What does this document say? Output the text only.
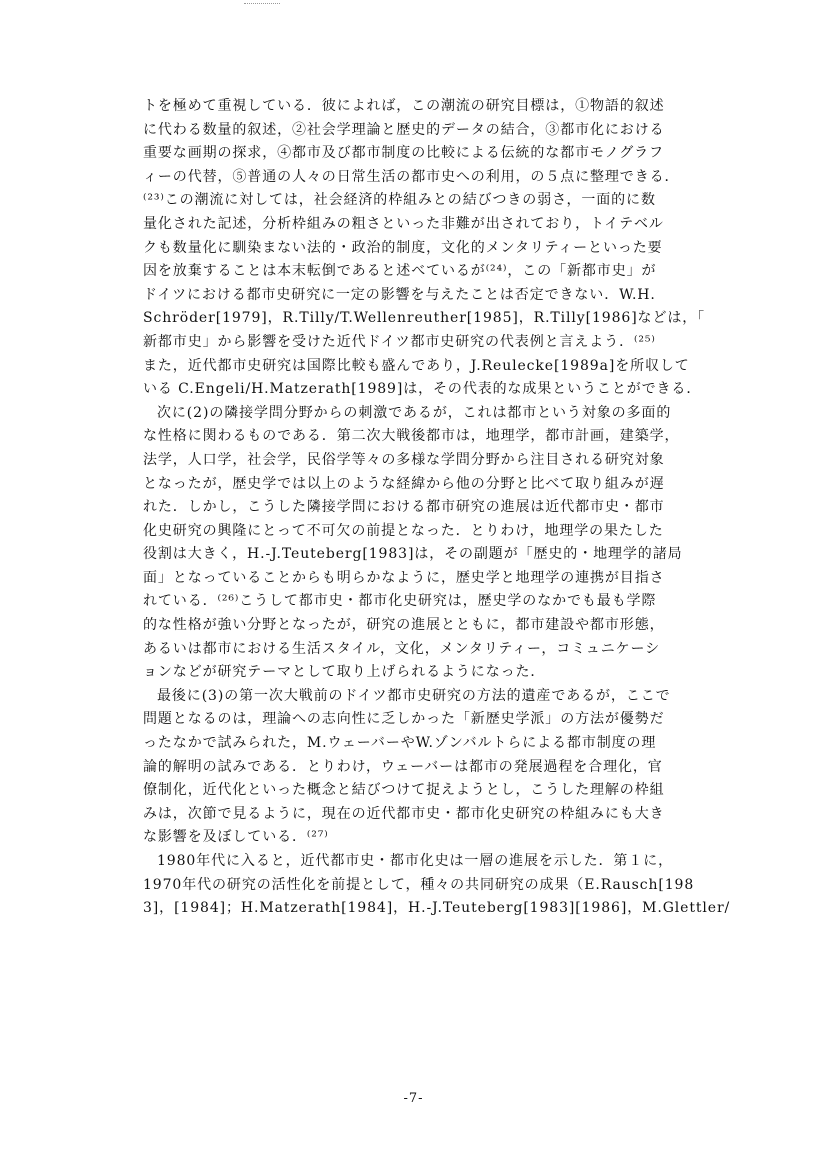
トを極めて重視している．彼によれば，この潮流の研究目標は，①物語的叙述
に代わる数量的叙述，②社会学理論と歴史的データの結合，③都市化における
重要な画期の探求，④都市及び都市制度の比較による伝統的な都市モノグラフ
ィーの代替，⑤普通の人々の日常生活の都市史への利用，の５点に整理できる．
⁽²³⁾この潮流に対しては，社会経済的枠組みとの結びつきの弱さ，一面的に数
量化された記述，分析枠組みの粗さといった非難が出されており，トイテベル
クも数量化に馴染まない法的・政治的制度，文化的メンタリティーといった要
因を放棄することは本末転倒であると述べているが⁽²⁴⁾，この「新都市史」が
ドイツにおける都市史研究に一定の影響を与えたことは否定できない．W.H.
Schröder[1979]，R.Tilly/T.Wellenreuther[1985]，R.Tilly[1986]などは，「
新都市史」から影響を受けた近代ドイツ都市史研究の代表例と言えよう．⁽²⁵⁾
また，近代都市史研究は国際比較も盛んであり，J.Reulecke[1989a]を所収して
いる C.Engeli/H.Matzerath[1989]は，その代表的な成果ということができる．
次に(2)の隣接学問分野からの刺激であるが，これは都市という対象の多面的
な性格に関わるものである．第二次大戦後都市は，地理学，都市計画，建築学，
法学，人口学，社会学，民俗学等々の多様な学問分野から注目される研究対象
となったが，歴史学では以上のような経緯から他の分野と比べて取り組みが遅
れた．しかし，こうした隣接学問における都市研究の進展は近代都市史・都市
化史研究の興隆にとって不可欠の前提となった．とりわけ，地理学の果たした
役割は大きく，H.-J.Teuteberg[1983]は，その副題が「歴史的・地理学的諸局
面」となっていることからも明らかなように，歴史学と地理学の連携が目指さ
れている．⁽²⁶⁾こうして都市史・都市化史研究は，歴史学のなかでも最も学際
的な性格が強い分野となったが，研究の進展とともに，都市建設や都市形態，
あるいは都市における生活スタイル，文化，メンタリティー，コミュニケーシ
ョンなどが研究テーマとして取り上げられるようになった．
最後に(3)の第一次大戦前のドイツ都市史研究の方法的遺産であるが，ここで
問題となるのは，理論への志向性に乏しかった「新歴史学派」の方法が優勢だ
ったなかで試みられた，M.ウェーバーやW.ゾンバルトらによる都市制度の理
論的解明の試みである．とりわけ，ウェーバーは都市の発展過程を合理化，官
僚制化，近代化といった概念と結びつけて捉えようとし，こうした理解の枠組
みは，次節で見るように，現在の近代都市史・都市化史研究の枠組みにも大き
な影響を及ぼしている．⁽²⁷⁾
1980年代に入ると，近代都市史・都市化史は一層の進展を示した．第１に，
1970年代の研究の活性化を前提として，種々の共同研究の成果（E.Rausch[198
3]，[1984]；H.Matzerath[1984]，H.-J.Teuteberg[1983][1986]，M.Glettler/
-7-
